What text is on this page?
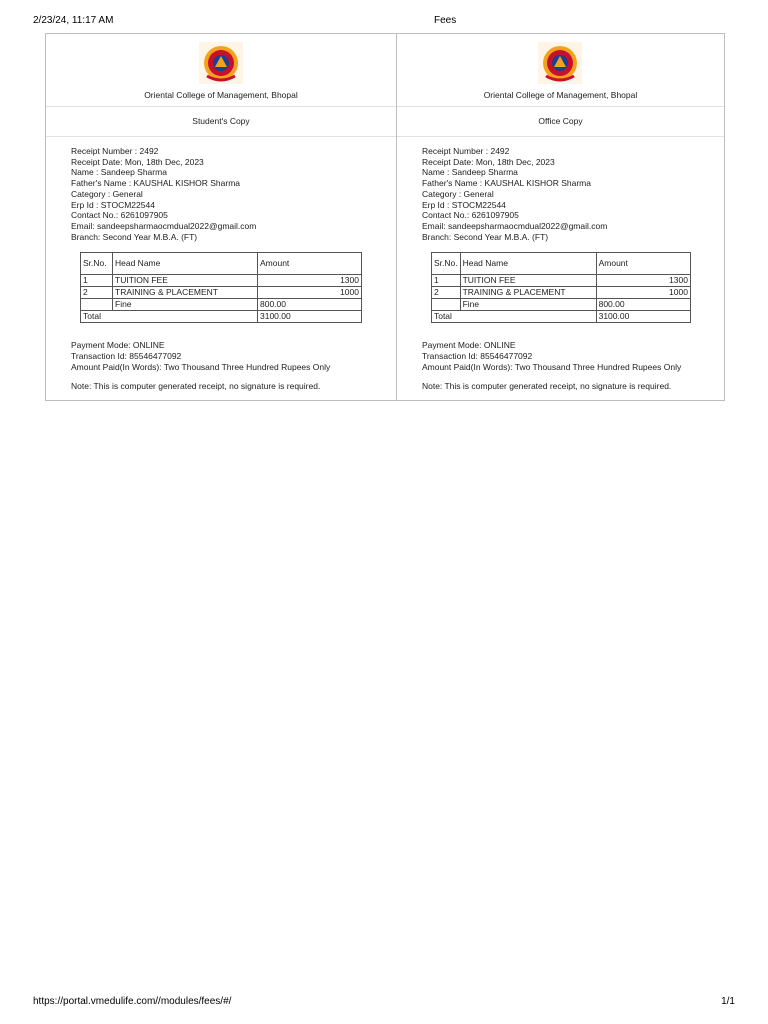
2/23/24, 11:17 AM	Fees
Oriental College of Management, Bhopal
Student's Copy
Receipt Number : 2492
Receipt Date: Mon, 18th Dec, 2023
Name : Sandeep Sharma
Father's Name : KAUSHAL KISHOR Sharma
Category : General
Erp Id : STOCM22544
Contact No.: 6261097905
Email: sandeepsharmaocmdual2022@gmail.com
Branch: Second Year M.B.A. (FT)
Sr.No.	Head Name	Amount
1	TUITION FEE	1300
2	TRAINING & PLACEMENT	1000
	Fine	800.00
Total		3100.00
Payment Mode: ONLINE
Transaction Id: 85546477092
Amount Paid(In Words): Two Thousand Three Hundred Rupees Only
Note: This is computer generated receipt, no signature is required.
Oriental College of Management, Bhopal
Office Copy
Receipt Number : 2492
Receipt Date: Mon, 18th Dec, 2023
Name : Sandeep Sharma
Father's Name : KAUSHAL KISHOR Sharma
Category : General
Erp Id : STOCM22544
Contact No.: 6261097905
Email: sandeepsharmaocmdual2022@gmail.com
Branch: Second Year M.B.A. (FT)
Sr.No.	Head Name	Amount
1	TUITION FEE	1300
2	TRAINING & PLACEMENT	1000
	Fine	800.00
Total		3100.00
Payment Mode: ONLINE
Transaction Id: 85546477092
Amount Paid(In Words): Two Thousand Three Hundred Rupees Only
Note: This is computer generated receipt, no signature is required.
https://portal.vmedulife.com//modules/fees/#/	1/1
